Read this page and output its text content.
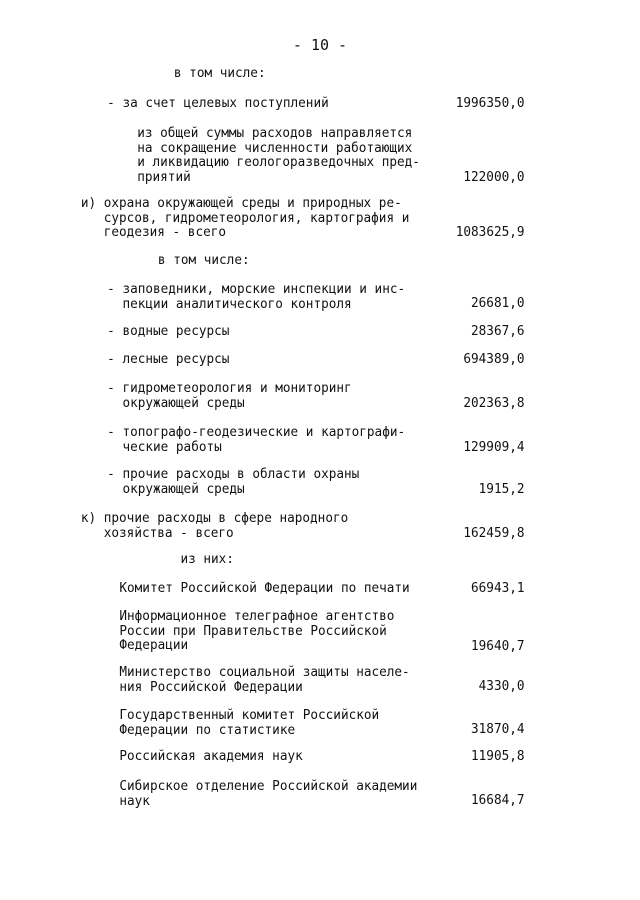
- 10 -
в том числе:
- за счет целевых поступлений	1996350,0
из общей суммы расходов направляется
на сокращение численности работающих
и ликвидацию геологоразведочных пред-
приятий	122000,0
и) охрана окружающей среды и природных ре-
сурсов, гидрометеорология, картография и
геодезия - всего	1083625,9
в том числе:
- заповедники, морские инспекции и инс-
пекции аналитического контроля	26681,0
- водные ресурсы	28367,6
- лесные ресурсы	694389,0
- гидрометеорология и мониторинг
окружающей среды	202363,8
- топографо-геодезические и картографи-
ческие работы	129909,4
- прочие расходы в области охраны
окружающей среды	1915,2
к) прочие расходы в сфере народного
хозяйства - всего	162459,8
из них:
Комитет Российской Федерации по печати	66943,1
Информационное телеграфное агентство
России при Правительстве Российской
Федерации	19640,7
Министерство социальной защиты населе-
ния Российской Федерации	4330,0
Государственный комитет Российской
Федерации по статистике	31870,4
Российская академия наук	11905,8
Сибирское отделение Российской академии
наук	16684,7
